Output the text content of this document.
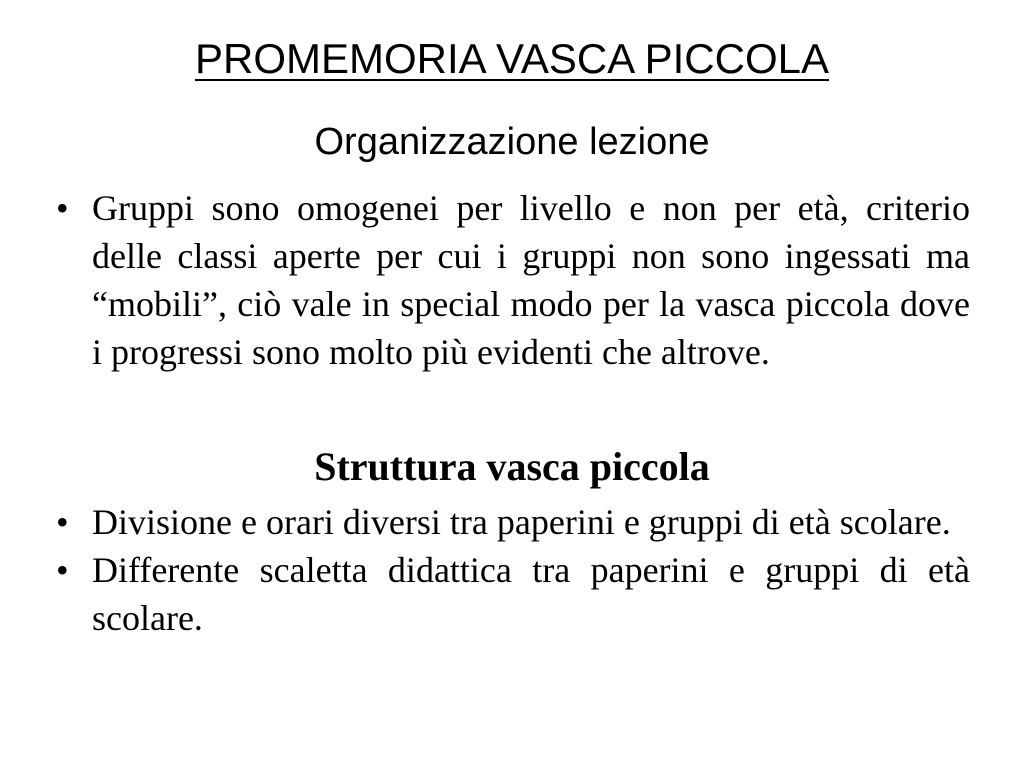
PROMEMORIA VASCA PICCOLA
Organizzazione lezione
• Gruppi sono omogenei per livello e non per età, criterio delle classi aperte per cui i gruppi non sono ingessati ma “mobili”, ciò vale in special modo per la vasca piccola dove i progressi sono molto più evidenti che altrove.
Struttura vasca piccola
• Divisione e orari diversi tra paperini e gruppi di età scolare.
• Differente scaletta didattica tra paperini e gruppi di età scolare.
